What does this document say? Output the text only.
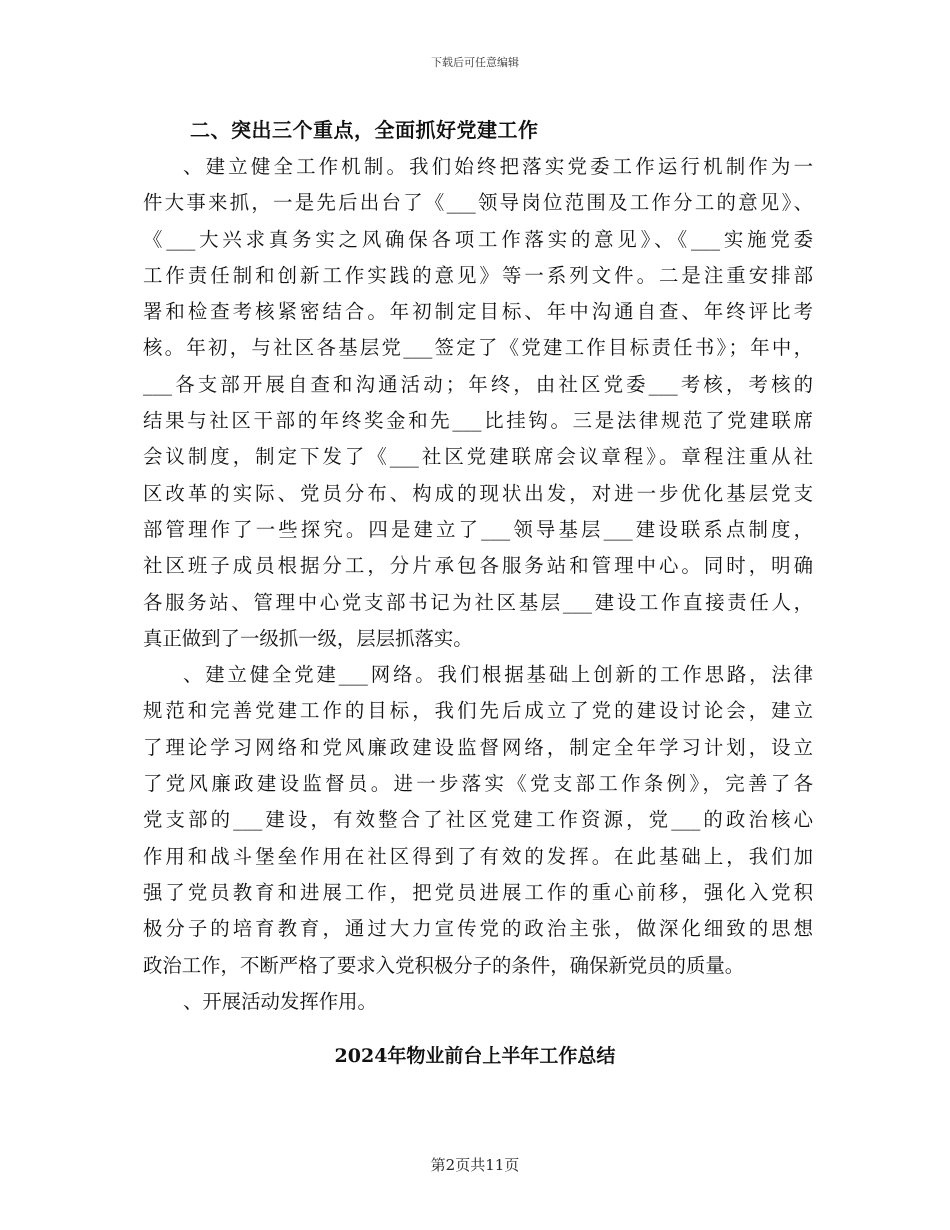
下载后可任意编辑
二、突出三个重点，全面抓好党建工作
、建立健全工作机制。我们始终把落实党委工作运行机制作为一
件大事来抓，一是先后出台了《___领导岗位范围及工作分工的意见》、
《___大兴求真务实之风确保各项工作落实的意见》、《___实施党委
工作责任制和创新工作实践的意见》等一系列文件。二是注重安排部
署和检查考核紧密结合。年初制定目标、年中沟通自查、年终评比考
核。年初，与社区各基层党___签定了《党建工作目标责任书》；年中，
___各支部开展自查和沟通活动；年终，由社区党委___考核，考核的
结果与社区干部的年终奖金和先___比挂钩。三是法律规范了党建联席
会议制度，制定下发了《___社区党建联席会议章程》。章程注重从社
区改革的实际、党员分布、构成的现状出发，对进一步优化基层党支
部管理作了一些探究。四是建立了___领导基层___建设联系点制度，
社区班子成员根据分工，分片承包各服务站和管理中心。同时，明确
各服务站、管理中心党支部书记为社区基层___建设工作直接责任人，
真正做到了一级抓一级，层层抓落实。
、建立健全党建___网络。我们根据基础上创新的工作思路，法律
规范和完善党建工作的目标，我们先后成立了党的建设讨论会，建立
了理论学习网络和党风廉政建设监督网络，制定全年学习计划，设立
了党风廉政建设监督员。进一步落实《党支部工作条例》，完善了各
党支部的___建设，有效整合了社区党建工作资源，党___的政治核心
作用和战斗堡垒作用在社区得到了有效的发挥。在此基础上，我们加
强了党员教育和进展工作，把党员进展工作的重心前移，强化入党积
极分子的培育教育，通过大力宣传党的政治主张，做深化细致的思想
政治工作，不断严格了要求入党积极分子的条件，确保新党员的质量。
、开展活动发挥作用。
2024年物业前台上半年工作总结
第2页共11页
